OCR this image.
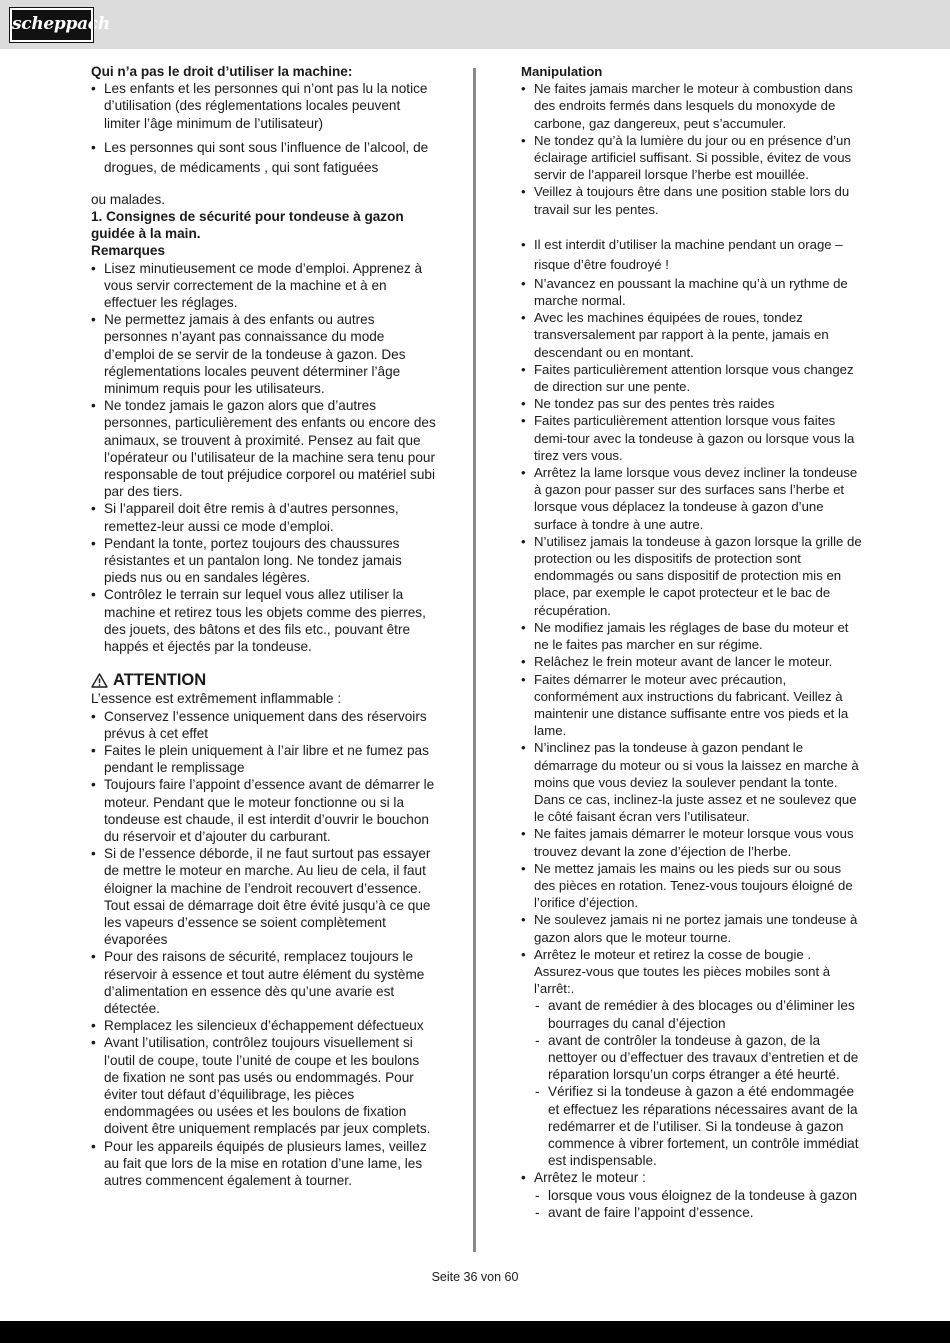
scheppach

Qui n’a pas le droit d’utiliser la machine:

• Les enfants et les personnes qui n’ont pas lu la notice d’utilisation (des réglementations locales peuvent limiter l’âge minimum de l’utilisateur)
• Les personnes qui sont sous l’influence de l’alcool, de drogues, de médicaments , qui sont fatiguées

ou malades.

1. Consignes de sécurité pour tondeuse à gazon guidée à la main.

Remarques

• Lisez minutieusement ce mode d’emploi. Apprenez à vous servir correctement de la machine et à en effectuer les réglages.
• Ne permettez jamais à des enfants ou autres personnes n’ayant pas connaissance du mode d’emploi de se servir de la tondeuse à gazon. Des réglementations locales peuvent déterminer l’âge minimum requis pour les utilisateurs.
• Ne tondez jamais le gazon alors que d’autres personnes, particulièrement des enfants ou encore des animaux, se trouvent à proximité. Pensez au fait que l’opérateur ou l’utilisateur de la machine sera tenu pour responsable de tout préjudice corporel ou matériel subi par des tiers.
• Si l’appareil doit être remis à d’autres personnes, remettez-leur aussi ce mode d’emploi.
• Pendant la tonte, portez toujours des chaussures résistantes et un pantalon long. Ne tondez jamais pieds nus ou en sandales légères.
• Contrôlez le terrain sur lequel vous allez utiliser la machine et retirez tous les objets comme des pierres, des jouets, des bâtons et des fils etc., pouvant être happés et éjectés par la tondeuse.
ATTENTION

L’essence est extrêmement inflammable :

• Conservez l’essence uniquement dans des réservoirs prévus à cet effet
• Faites le plein uniquement à l’air libre et ne fumez pas pendant le remplissage
• Toujours faire l’appoint d’essence avant de démarrer le moteur. Pendant que le moteur fonctionne ou si la tondeuse est chaude, il est interdit d’ouvrir le bouchon du réservoir et d’ajouter du carburant.
• Si de l’essence déborde, il ne faut surtout pas essayer de mettre le moteur en marche. Au lieu de cela, il faut éloigner la machine de l’endroit recouvert d’essence. Tout essai de démarrage doit être évité jusqu’à ce que les vapeurs d’essence se soient complètement évaporées
• Pour des raisons de sécurité, remplacez toujours le réservoir à essence et tout autre élément du système d’alimentation en essence dès qu’une avarie est détectée.
• Remplacez les silencieux d’échappement défectueux
• Avant l’utilisation, contrôlez toujours visuellement si l’outil de coupe, toute l’unité de coupe et les boulons de fixation ne sont pas usés ou endommagés. Pour éviter tout défaut d’équilibrage, les pièces endommagées ou usées et les boulons de fixation doivent être uniquement remplacés par jeux complets.
• Pour les appareils équipés de plusieurs lames, veillez au fait que lors de la mise en rotation d’une lame, les autres commencent également à tourner.

Manipulation

• Ne faites jamais marcher le moteur à combustion dans des endroits fermés dans lesquels du monoxyde de carbone, gaz dangereux, peut s’accumuler.
• Ne tondez qu’à la lumière du jour ou en présence d’un éclairage artificiel suffisant. Si possible, évitez de vous servir de l’appareil lorsque l’herbe est mouillée.
• Veillez à toujours être dans une position stable lors du travail sur les pentes.
• Il est interdit d’utiliser la machine pendant un orage – risque d’être foudroyé !
• N’avancez en poussant la machine qu’à un rythme de marche normal.
• Avec les machines équipées de roues, tondez transversalement par rapport à la pente, jamais en descendant ou en montant.
• Faites particulièrement attention lorsque vous changez de direction sur une pente.
• Ne tondez pas sur des pentes très raides
• Faites particulièrement attention lorsque vous faites demi-tour avec la tondeuse à gazon ou lorsque vous la tirez vers vous.
• Arrêtez la lame lorsque vous devez incliner la tondeuse à gazon pour passer sur des surfaces sans l’herbe et lorsque vous déplacez la tondeuse à gazon d’une surface à tondre à une autre.
• N’utilisez jamais la tondeuse à gazon lorsque la grille de protection ou les dispositifs de protection sont endommagés ou sans dispositif de protection mis en place, par exemple le capot protecteur et le bac de récupération.
• Ne modifiez jamais les réglages de base du moteur et ne le faites pas marcher en sur régime.
• Relâchez le frein moteur avant de lancer le moteur.
• Faites démarrer le moteur avec précaution, conformément aux instructions du fabricant. Veillez à maintenir une distance suffisante entre vos pieds et la lame.
• N’inclinez pas la tondeuse à gazon pendant le démarrage du moteur ou si vous la laissez en marche à moins que vous deviez la soulever pendant la tonte. Dans ce cas, inclinez-la juste assez et ne soulevez que le côté faisant écran vers l’utilisateur.
• Ne faites jamais démarrer le moteur lorsque vous vous trouvez devant la zone d’éjection de l’herbe.
• Ne mettez jamais les mains ou les pieds sur ou sous des pièces en rotation. Tenez-vous toujours éloigné de l’orifice d’éjection.
• Ne soulevez jamais ni ne portez jamais une tondeuse à gazon alors que le moteur tourne.
• Arrêtez le moteur et retirez la cosse de bougie . Assurez-vous que toutes les pièces mobiles sont à l’arrêt:.
- avant de remédier à des blocages ou d’éliminer les bourrages du canal d’éjection
- avant de contrôler la tondeuse à gazon, de la nettoyer ou d’effectuer des travaux d’entretien et de réparation lorsqu’un corps étranger a été heurté.
- Vérifiez si la tondeuse à gazon a été endommagée et effectuez les réparations nécessaires avant de la redémarrer et de l’utiliser. Si la tondeuse à gazon commence à vibrer fortement, un contrôle immédiat est indispensable.
• Arrêtez le moteur :
- lorsque vous vous éloignez de la tondeuse à gazon
- avant de faire l’appoint d’essence.
Seite 36 von 60
